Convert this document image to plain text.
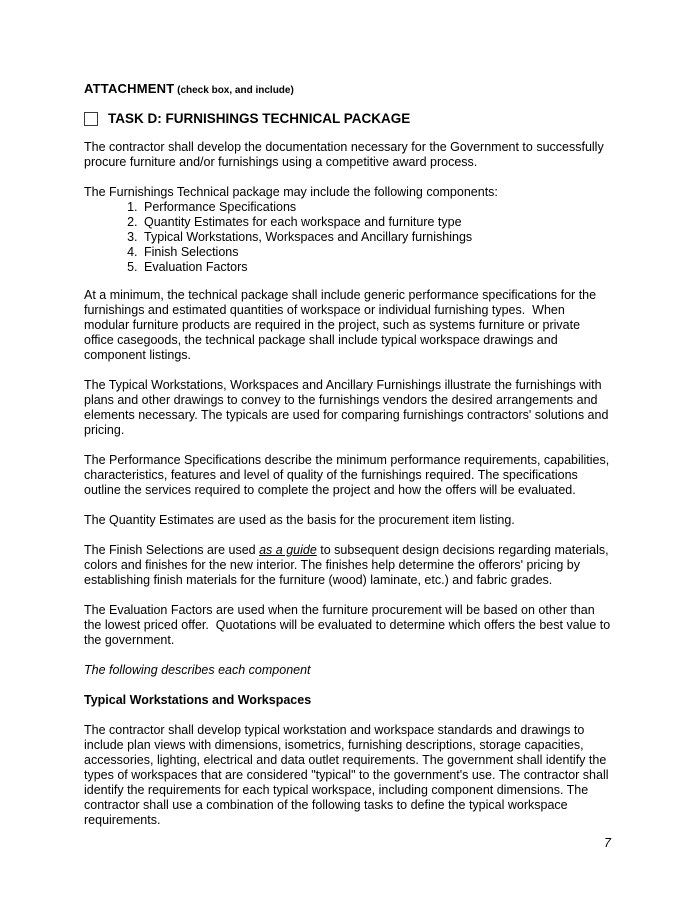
ATTACHMENT (check box, and include)

TASK D: FURNISHINGS TECHNICAL PACKAGE

The contractor shall develop the documentation necessary for the Government to successfully procure furniture and/or furnishings using a competitive award process.

The Furnishings Technical package may include the following components:

1. Performance Specifications
2. Quantity Estimates for each workspace and furniture type
3. Typical Workstations, Workspaces and Ancillary furnishings
4. Finish Selections
5. Evaluation Factors

At a minimum, the technical package shall include generic performance specifications for the furnishings and estimated quantities of workspace or individual furnishing types.  When modular furniture products are required in the project, such as systems furniture or private office casegoods, the technical package shall include typical workspace drawings and component listings.

The Typical Workstations, Workspaces and Ancillary Furnishings illustrate the furnishings with plans and other drawings to convey to the furnishings vendors the desired arrangements and elements necessary. The typicals are used for comparing furnishings contractors' solutions and pricing.

The Performance Specifications describe the minimum performance requirements, capabilities, characteristics, features and level of quality of the furnishings required. The specifications outline the services required to complete the project and how the offers will be evaluated.

The Quantity Estimates are used as the basis for the procurement item listing.

The Finish Selections are used as a guide to subsequent design decisions regarding materials, colors and finishes for the new interior. The finishes help determine the offerors' pricing by establishing finish materials for the furniture (wood) laminate, etc.) and fabric grades.

The Evaluation Factors are used when the furniture procurement will be based on other than the lowest priced offer.  Quotations will be evaluated to determine which offers the best value to the government.

The following describes each component

Typical Workstations and Workspaces

The contractor shall develop typical workstation and workspace standards and drawings to include plan views with dimensions, isometrics, furnishing descriptions, storage capacities, accessories, lighting, electrical and data outlet requirements. The government shall identify the types of workspaces that are considered "typical" to the government's use. The contractor shall identify the requirements for each typical workspace, including component dimensions. The contractor shall use a combination of the following tasks to define the typical workspace requirements.

7
